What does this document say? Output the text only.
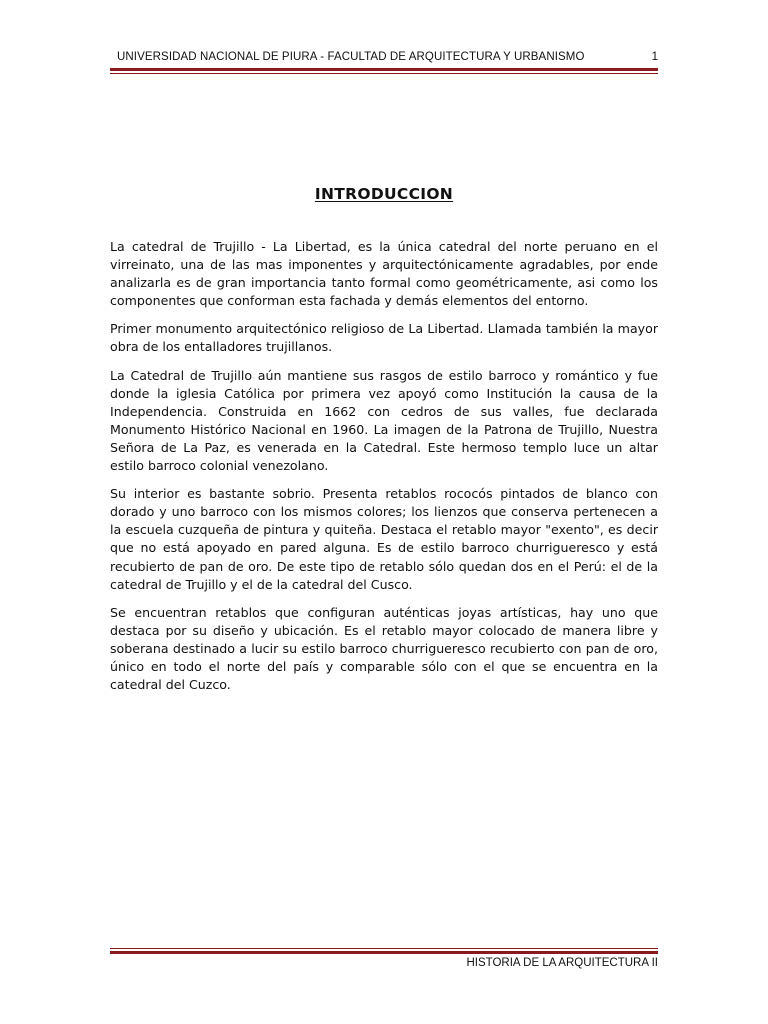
UNIVERSIDAD NACIONAL DE PIURA - FACULTAD DE ARQUITECTURA Y URBANISMO	1
INTRODUCCION

La catedral de Trujillo - La Libertad, es la única catedral del norte peruano en el virreinato, una de las mas imponentes y arquitectónicamente agradables, por ende analizarla es de gran importancia tanto formal como geométricamente, asi como los componentes que conforman esta fachada y demás elementos del entorno.

Primer monumento arquitectónico religioso de La Libertad. Llamada también la mayor obra de los entalladores trujillanos.

La Catedral de Trujillo aún mantiene sus rasgos de estilo barroco y romántico y fue donde la iglesia Católica por primera vez apoyó como Institución la causa de la Independencia. Construida en 1662 con cedros de sus valles, fue declarada Monumento Histórico Nacional en 1960. La imagen de la Patrona de Trujillo, Nuestra Señora de La Paz, es venerada en la Catedral. Este hermoso templo luce un altar estilo barroco colonial venezolano.

Su interior es bastante sobrio. Presenta retablos rococós pintados de blanco con dorado y uno barroco con los mismos colores; los lienzos que conserva pertenecen a la escuela cuzqueña de pintura y quiteña. Destaca el retablo mayor "exento", es decir que no está apoyado en pared alguna. Es de estilo barroco churrigueresco y está recubierto de pan de oro. De este tipo de retablo sólo quedan dos en el Perú: el de la catedral de Trujillo y el de la catedral del Cusco.

Se encuentran retablos que configuran auténticas joyas artísticas, hay uno que destaca por su diseño y ubicación. Es el retablo mayor colocado de manera libre y soberana destinado a lucir su estilo barroco churrigueresco recubierto con pan de oro, único en todo el norte del país y comparable sólo con el que se encuentra en la catedral del Cuzco.

HISTORIA DE LA ARQUITECTURA II
